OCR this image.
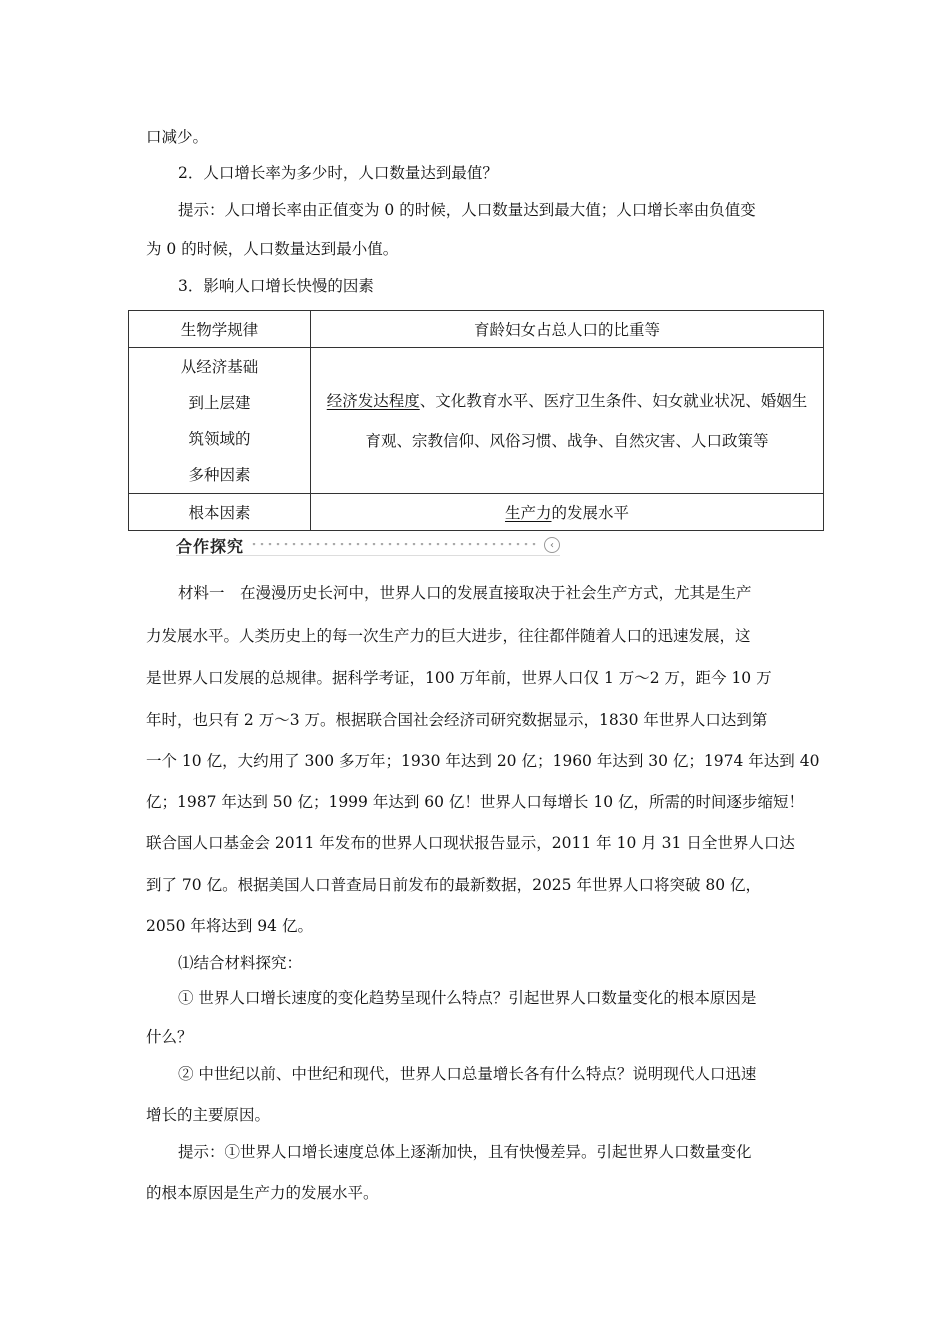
口减少。
2．人口增长率为多少时，人口数量达到最值？
提示：人口增长率由正值变为 0 的时候，人口数量达到最大值；人口增长率由负值变
为 0 的时候，人口数量达到最小值。
3．影响人口增长快慢的因素
生物学规律	育龄妇女占总人口的比重等

从经济基础
到上层建
筑领域的
多种因素	经济发达程度、文化教育水平、医疗卫生条件、妇女就业状况、婚姻生育观、宗教信仰、风俗习惯、战争、自然灾害、人口政策等
根本因素	生产力的发展水平
合作探究	‹
材料一　在漫漫历史长河中，世界人口的发展直接取决于社会生产方式，尤其是生产
力发展水平。人类历史上的每一次生产力的巨大进步，往往都伴随着人口的迅速发展，这
是世界人口发展的总规律。据科学考证，100 万年前，世界人口仅 1 万～2 万，距今 10 万
年时，也只有 2 万～3 万。根据联合国社会经济司研究数据显示，1830 年世界人口达到第
一个 10 亿，大约用了 300 多万年；1930 年达到 20 亿；1960 年达到 30 亿；1974 年达到 40
亿；1987 年达到 50 亿；1999 年达到 60 亿！世界人口每增长 10 亿，所需的时间逐步缩短！
联合国人口基金会 2011 年发布的世界人口现状报告显示，2011 年 10 月 31 日全世界人口达
到了 70 亿。根据美国人口普查局日前发布的最新数据，2025 年世界人口将突破 80 亿，
2050 年将达到 94 亿。
⑴结合材料探究：
① 世界人口增长速度的变化趋势呈现什么特点？引起世界人口数量变化的根本原因是
什么？
② 中世纪以前、中世纪和现代，世界人口总量增长各有什么特点？说明现代人口迅速
增长的主要原因。
提示：①世界人口增长速度总体上逐渐加快，且有快慢差异。引起世界人口数量变化
的根本原因是生产力的发展水平。
